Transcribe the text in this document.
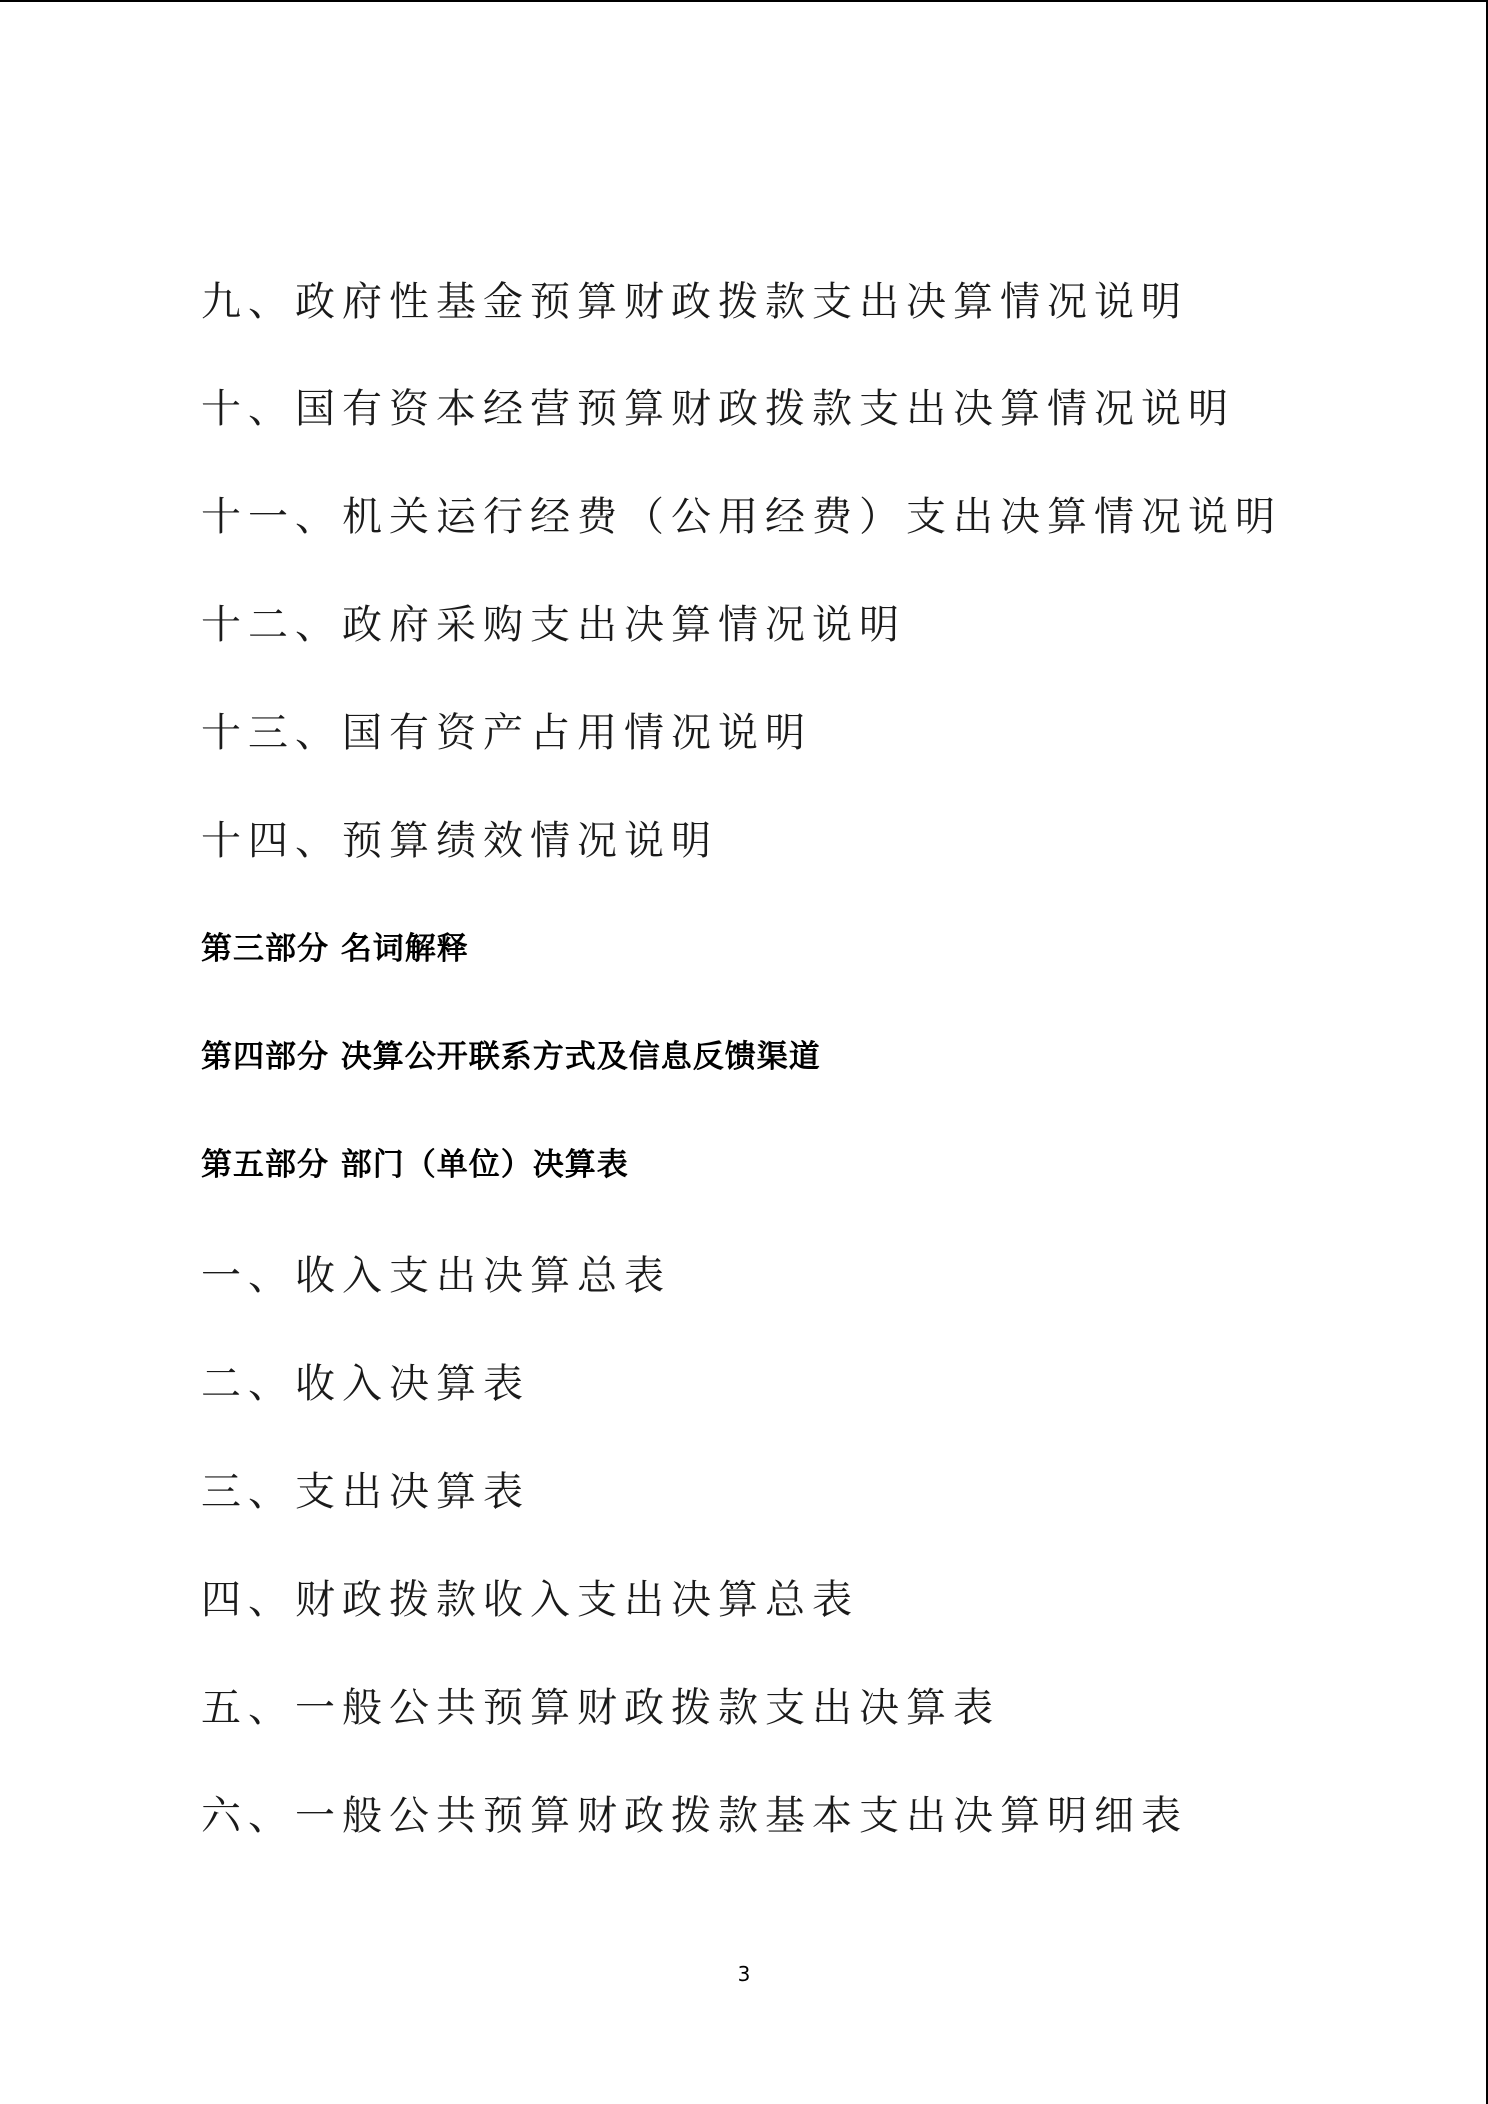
九、政府性基金预算财政拨款支出决算情况说明
十、国有资本经营预算财政拨款支出决算情况说明
十一、机关运行经费（公用经费）支出决算情况说明
十二、政府采购支出决算情况说明
十三、国有资产占用情况说明
十四、预算绩效情况说明
第三部分 名词解释
第四部分 决算公开联系方式及信息反馈渠道
第五部分 部门（单位）决算表
一、收入支出决算总表
二、收入决算表
三、支出决算表
四、财政拨款收入支出决算总表
五、一般公共预算财政拨款支出决算表
六、一般公共预算财政拨款基本支出决算明细表
3
